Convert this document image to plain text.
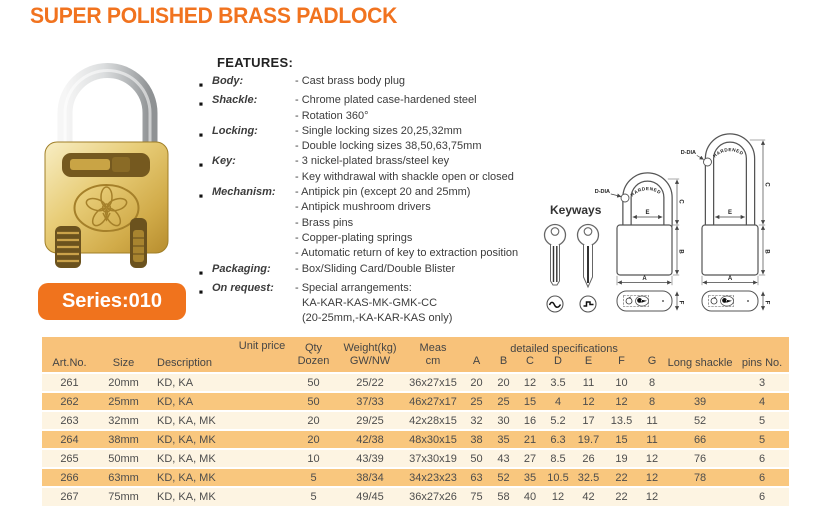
SUPER POLISHED BRASS PADLOCK
Series:010
FEATURES:
■ Body:	- Cast brass body plug
■ Shackle:	- Chrome plated case-hardened steel
- Rotation 360°
■ Locking:	- Single locking sizes 20,25,32mm
- Double locking sizes 38,50,63,75mm
■ Key:	- 3 nickel-plated brass/steel key
- Key withdrawal with shackle open or closed
■ Mechanism:	- Antipick pin (except 20 and 25mm)
- Antipick mushroom drivers
- Brass pins
- Copper-plating springs
- Automatic return of key to extraction position
■ Packaging:	- Box/Sliding Card/Double Blister
■ On request:	- Special arrangements:
KA-KAR-KAS-MK-GMK-CC
(20-25mm,-KA-KAR-KAS only)
Keyways
HARDENED
D-DIA
E
C
B
A
F
HARDENED
D-DIA
E
C
B
A
F
Art.No.	Size	Description	Unit price	Qty
Dozen	Weight(kg)
GW/NW	Meas
cm	detailed specifications							Long shackle	pins No.
							A	B	C	D	E	F	G		
261	20mm	KD, KA		50	25/22	36x27x15	20	20	12	3.5	11	10	8		3
262	25mm	KD, KA		50	37/33	46x27x17	25	25	15	4	12	12	8	39	4
263	32mm	KD, KA, MK		20	29/25	42x28x15	32	30	16	5.2	17	13.5	11	52	5
264	38mm	KD, KA, MK		20	42/38	48x30x15	38	35	21	6.3	19.7	15	11	66	5
265	50mm	KD, KA, MK		10	43/39	37x30x19	50	43	27	8.5	26	19	12	76	6
266	63mm	KD, KA, MK		5	38/34	34x23x23	63	52	35	10.5	32.5	22	12	78	6
267	75mm	KD, KA, MK		5	49/45	36x27x26	75	58	40	12	42	22	12		6
